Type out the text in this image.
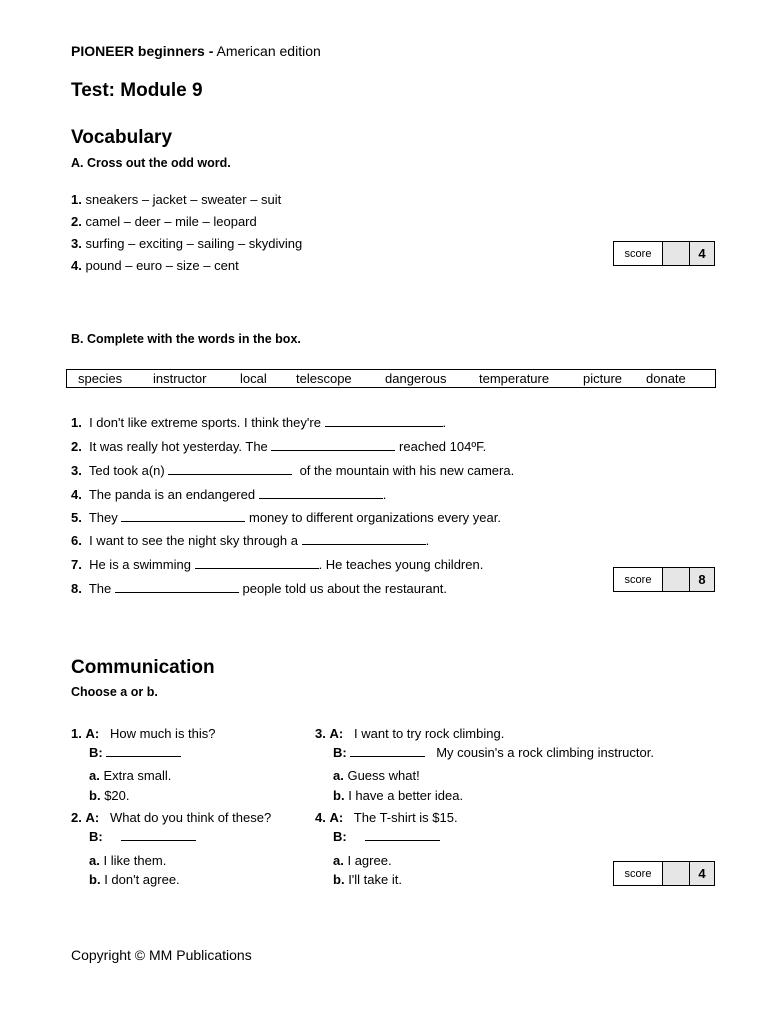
PIONEER beginners - American edition
Test: Module 9
Vocabulary
A. Cross out the odd word.
1. sneakers – jacket – sweater – suit
2. camel – deer – mile – leopard
3. surfing – exciting – sailing – skydiving
4. pound – euro – size – cent
score	4
B. Complete with the words in the box.
species instructor	local telescope	dangerous	temperature	picture donate
1. I don't like extreme sports. I think they're	.
2. It was really hot yesterday. The	reached 104ºF.
3. Ted took a(n)	of the mountain with his new camera.
4. The panda is an endangered	.
5. They	money to different organizations every year.
6. I want to see the night sky through a	.
7. He is a swimming	. He teaches young children.
8. The	people told us about the restaurant.
score	8
Communication
Choose a or b.
1. A: How much is this?
B:
a. Extra small.
b. $20.
2. A: What do you think of these?
B:
a. I like them.
b. I don't agree.
3. A: I want to try rock climbing.
B:	My cousin's a rock climbing instructor.
a. Guess what!
b. I have a better idea.
4. A: The T-shirt is $15.
B:
a. I agree.
b. I'll take it.	score	4
Copyright © MM Publications
